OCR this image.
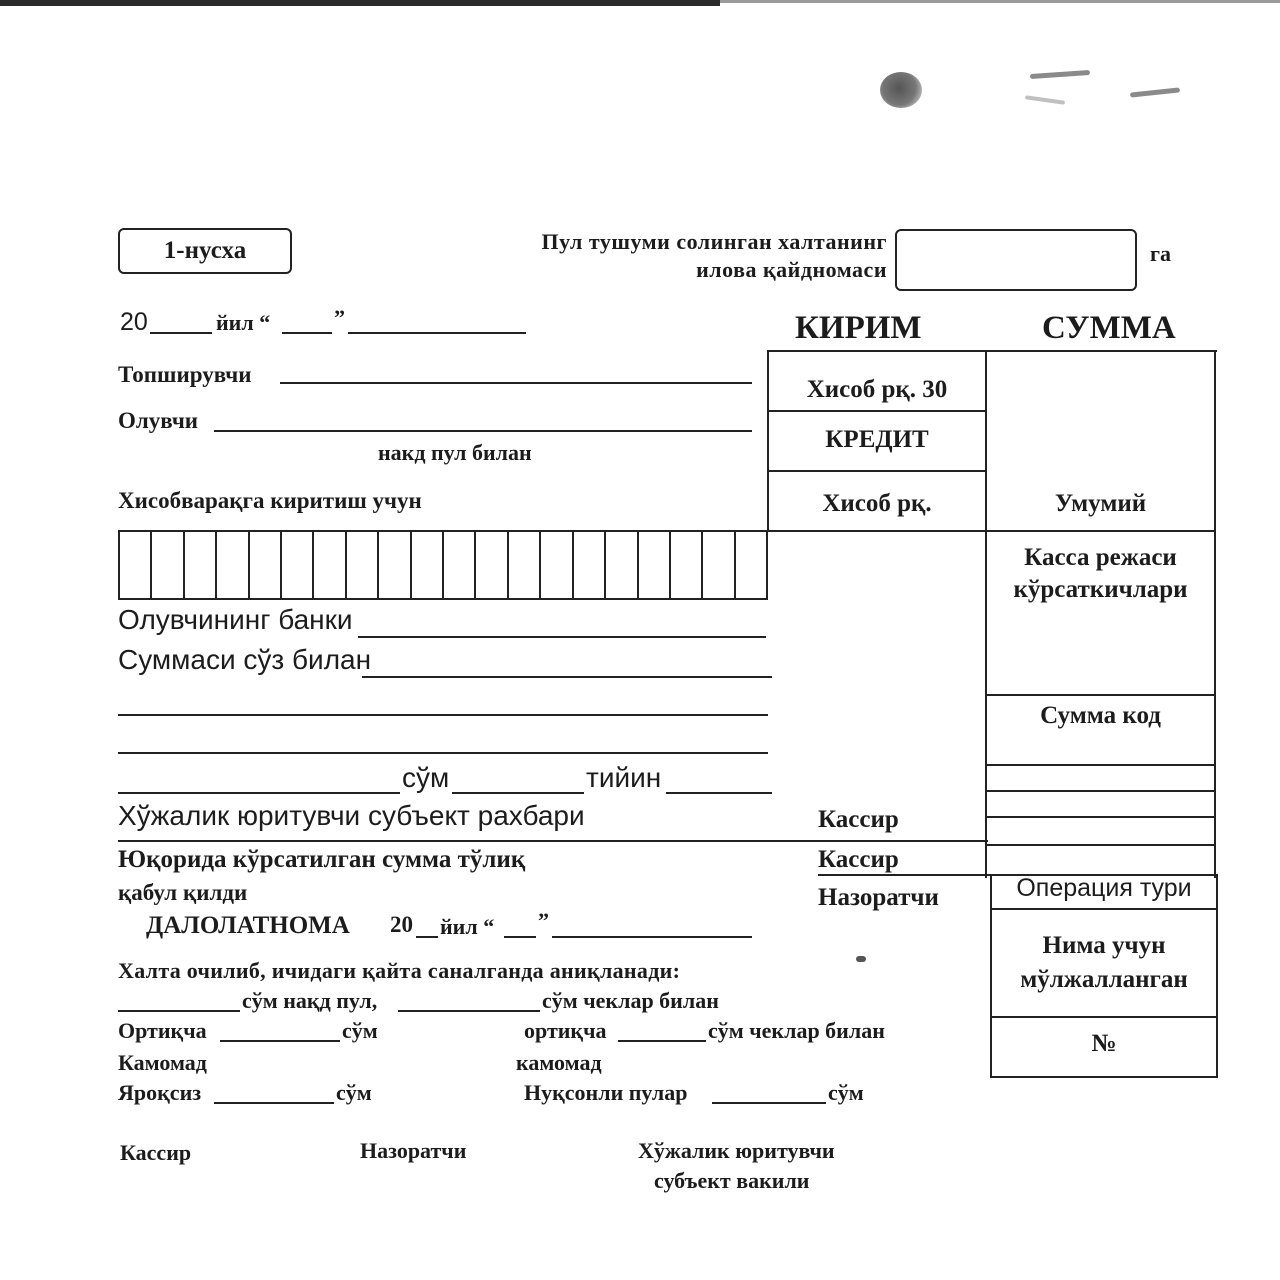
1-нусха	Пул тушуми солинган халтанинг
илова қайдномаси
га
20	йил “	”	КИРИМ	СУММА
Топширувчи
Олувчи
накд пул билан
Хисобварақга киритиш учун
Олувчининг банки
Суммаси сўз билан
сўм	тийин
Хўжалик юритувчи субъект рахбари
Юқорида кўрсатилган сумма тўлиқ
қабул қилди
Хисоб рқ. 30
КРЕДИТ
Хисоб рқ.	Умумий
Касса режаси
кўрсаткичлари
Сумма код
Операция тури
Нима учун
мўлжалланган
№
Кассир
Кассир
Назоратчи
ДАЛОЛАТНОМА 20 йил “ ”
Халта очилиб, ичидаги қайта саналганда аниқланади:
сўм нақд пул,	сўм чеклар билан
Ортиқча	сўм	ортиқча	сўм чеклар билан
Камомад	камомад
Яроқсиз	сўм	Нуқсонли пулар	сўм
Кассир	Назоратчи	Хўжалик юритувчи
субъект вакили
